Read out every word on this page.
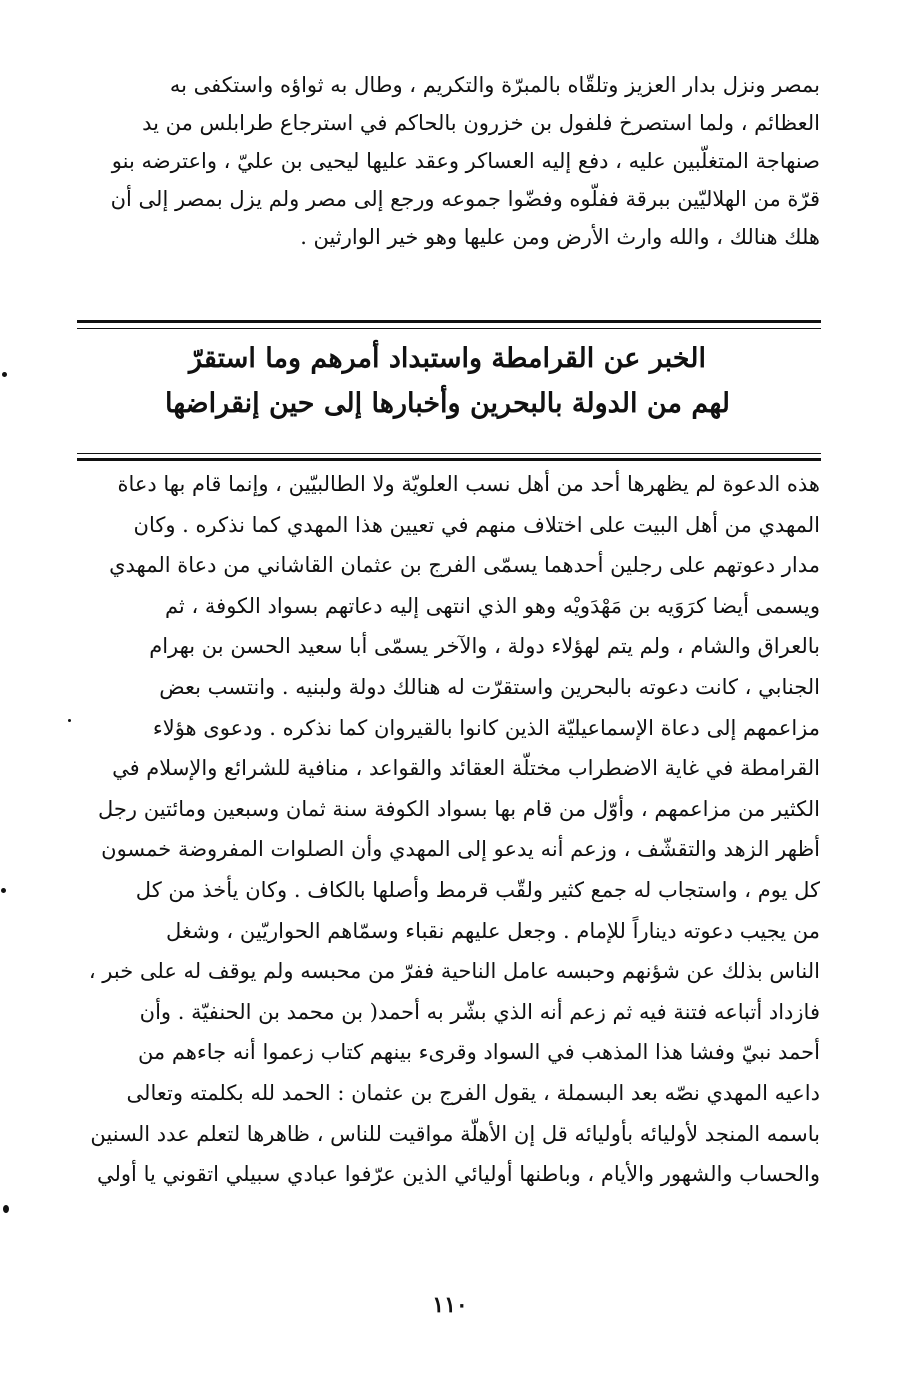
بمصر ونزل بدار العزيز وتلقّاه بالمبرّة والتكريم ، وطال به ثواؤه واستكفى به
العظائم ، ولما استصرخ فلفول بن خزرون بالحاكم في استرجاع طرابلس من يد
صنهاجة المتغلّبين عليه ، دفع إليه العساكر وعقد عليها ليحيى بن عليّ ، واعترضه بنو
قرّة من الهلاليّين ببرقة ففلّوه وفضّوا جموعه ورجع إلى مصر ولم يزل بمصر إلى أن
هلك هنالك ، والله وارث الأرض ومن عليها وهو خير الوارثين .
الخبر عن القرامطة واستبداد أمرهم وما استقرّ
لهم من الدولة بالبحرين وأخبارها إلى حين إنقراضها
هذه الدعوة لم يظهرها أحد من أهل نسب العلويّة ولا الطالبيّين ، وإنما قام بها دعاة
المهدي من أهل البيت على اختلاف منهم في تعيين هذا المهدي كما نذكره . وكان
مدار دعوتهم على رجلين أحدهما يسمّى الفرج بن عثمان القاشاني من دعاة المهدي
ويسمى أيضا كرَوَيه بن مَهْدَويْه وهو الذي انتهى إليه دعاتهم بسواد الكوفة ، ثم
بالعراق والشام ، ولم يتم لهؤلاء دولة ، والآخر يسمّى أبا سعيد الحسن بن بهرام
الجنابي ، كانت دعوته بالبحرين واستقرّت له هنالك دولة ولبنيه . وانتسب بعض
مزاعمهم إلى دعاة الإسماعيليّة الذين كانوا بالقيروان كما نذكره . ودعوى هؤلاء
القرامطة في غاية الاضطراب مختلّة العقائد والقواعد ، منافية للشرائع والإسلام في
الكثير من مزاعمهم ، وأوّل من قام بها بسواد الكوفة سنة ثمان وسبعين ومائتين رجل
أظهر الزهد والتقشّف ، وزعم أنه يدعو إلى المهدي وأن الصلوات المفروضة خمسون
كل يوم ، واستجاب له جمع كثير ولقّب قرمط وأصلها بالكاف . وكان يأخذ من كل
من يجيب دعوته ديناراً للإمام . وجعل عليهم نقباء وسمّاهم الحواريّين ، وشغل
الناس بذلك عن شؤنهم وحبسه عامل الناحية ففرّ من محبسه ولم يوقف له على خبر ،
فازداد أتباعه فتنة فيه ثم زعم أنه الذي بشّر به أحمد( بن محمد بن الحنفيّة . وأن
أحمد نبيّ وفشا هذا المذهب في السواد وقرىء بينهم كتاب زعموا أنه جاءهم من
داعيه المهدي نصّه بعد البسملة ، يقول الفرج بن عثمان : الحمد لله بكلمته وتعالى
باسمه المنجد لأوليائه بأوليائه قل إن الأهلّة مواقيت للناس ، ظاهرها لتعلم عدد السنين
والحساب والشهور والأيام ، وباطنها أوليائي الذين عرّفوا عبادي سبيلي اتقوني يا أولي
١١٠
